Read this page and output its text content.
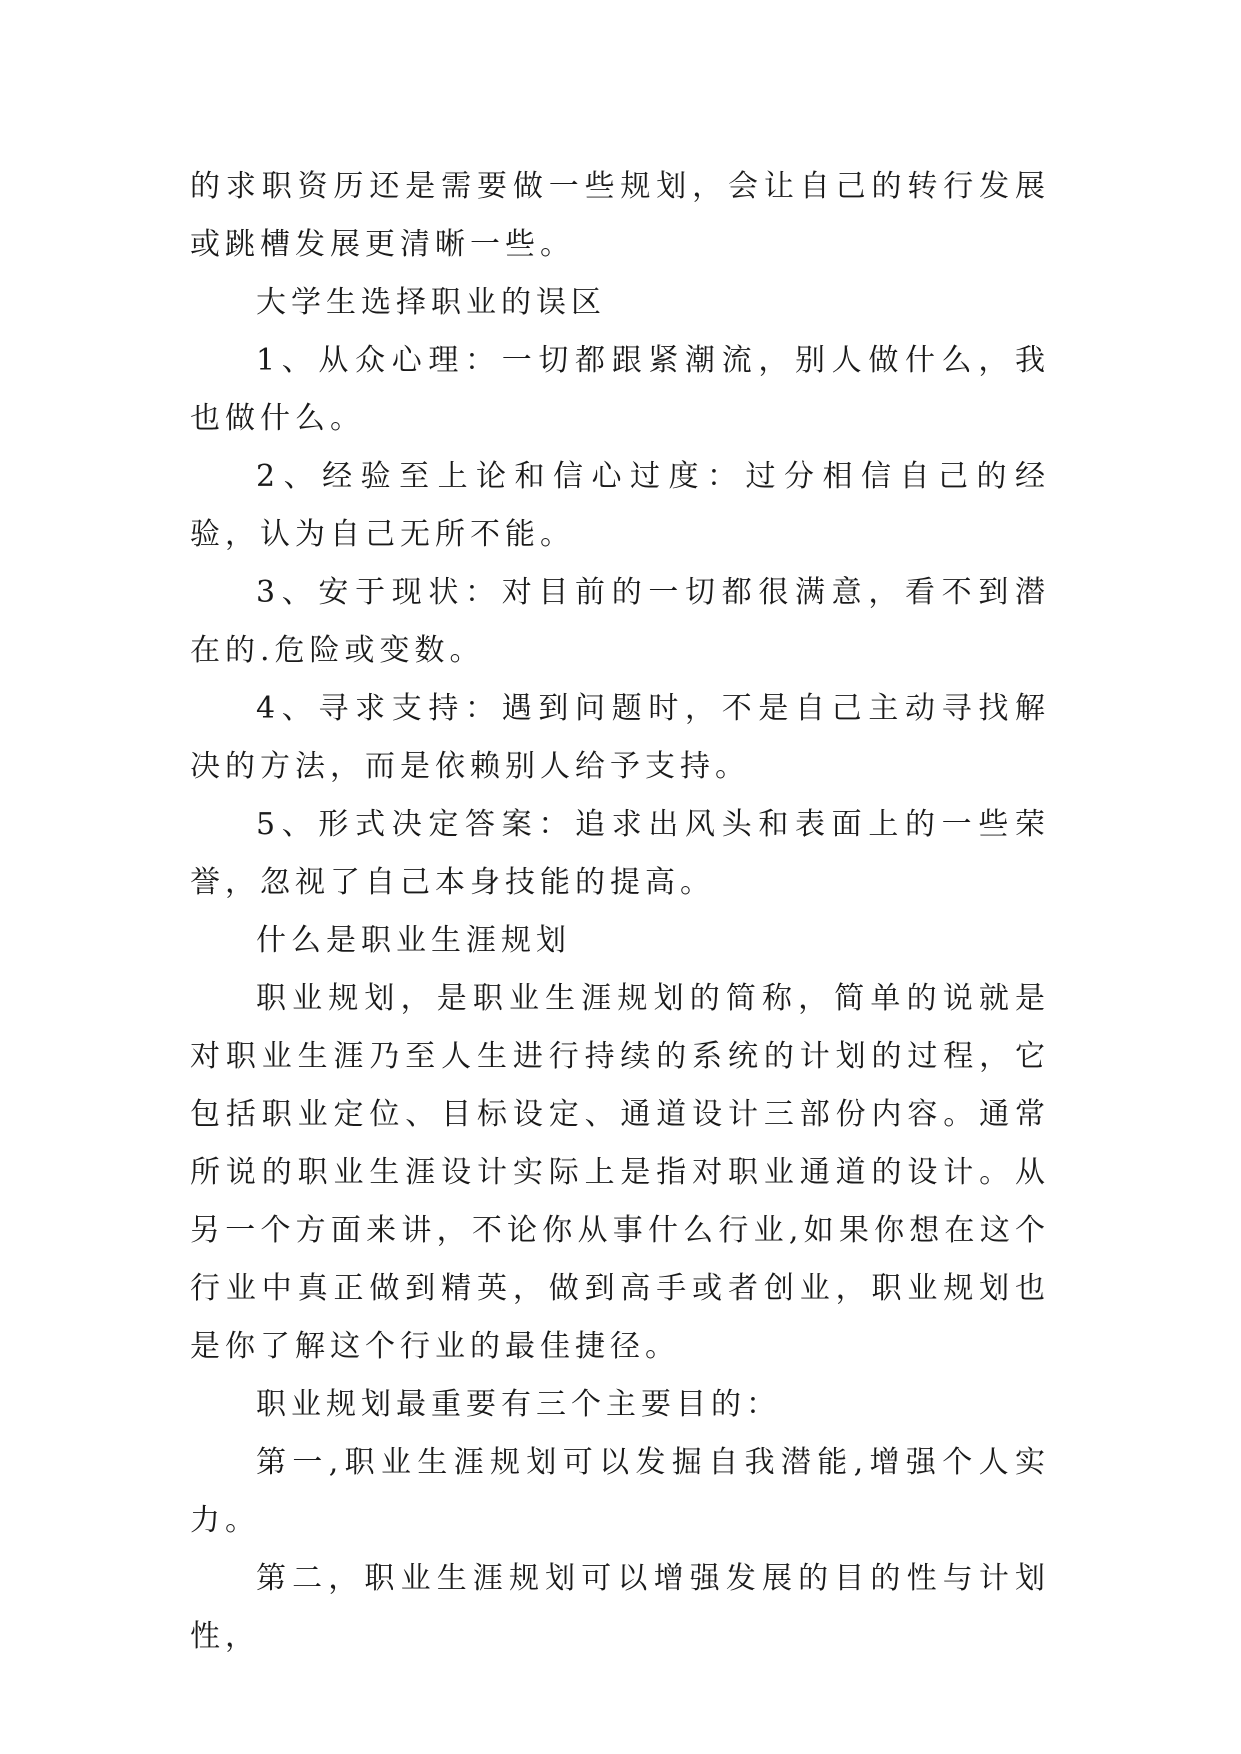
的求职资历还是需要做一些规划，会让自己的转行发展或跳槽发展更清晰一些。

大学生选择职业的误区

1、从众心理：一切都跟紧潮流，别人做什么，我也做什么。

2、经验至上论和信心过度：过分相信自己的经验，认为自己无所不能。

3、安于现状：对目前的一切都很满意，看不到潜在的.危险或变数。

4、寻求支持：遇到问题时，不是自己主动寻找解决的方法，而是依赖别人给予支持。

5、形式决定答案：追求出风头和表面上的一些荣誉，忽视了自己本身技能的提高。

什么是职业生涯规划

职业规划，是职业生涯规划的简称，简单的说就是对职业生涯乃至人生进行持续的系统的计划的过程，它包括职业定位、目标设定、通道设计三部份内容。通常所说的职业生涯设计实际上是指对职业通道的设计。从另一个方面来讲，不论你从事什么行业,如果你想在这个行业中真正做到精英，做到高手或者创业，职业规划也是你了解这个行业的最佳捷径。

职业规划最重要有三个主要目的：

第一,职业生涯规划可以发掘自我潜能,增强个人实力。

第二，职业生涯规划可以增强发展的目的性与计划性，
